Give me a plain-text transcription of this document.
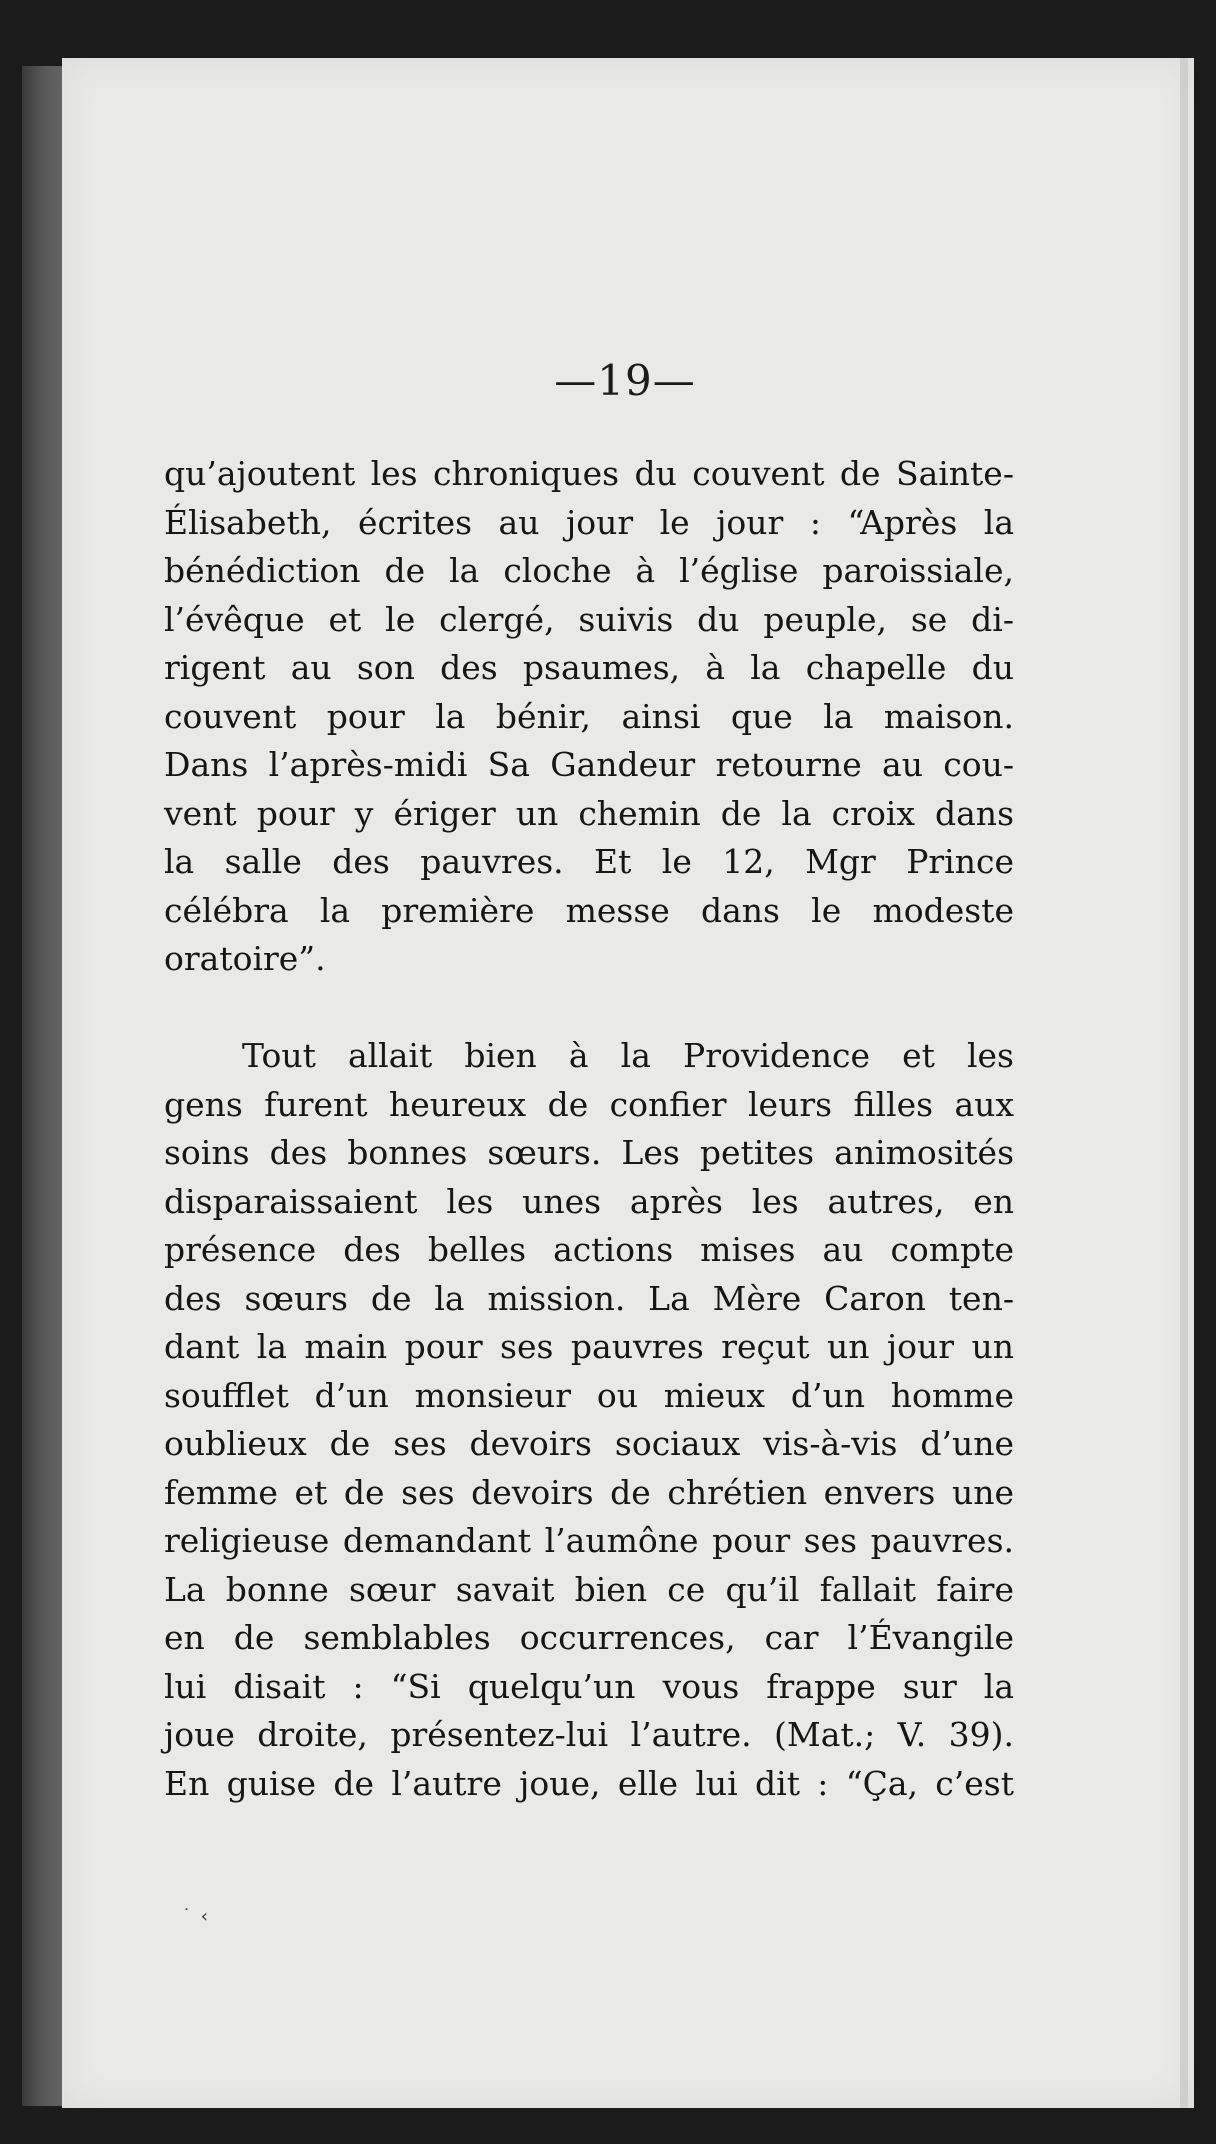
—19—
qu’ajoutent les chroniques du couvent de Sainte-
Élisabeth, écrites au jour le jour : “Après la
bénédiction de la cloche à l’église paroissiale,
l’évêque et le clergé, suivis du peuple, se di-
rigent au son des psaumes, à la chapelle du
couvent pour la bénir, ainsi que la maison.
Dans l’après-midi Sa Gandeur retourne au cou-
vent pour y ériger un chemin de la croix dans
la salle des pauvres. Et le 12, Mgr Prince
célébra la première messe dans le modeste
oratoire”.
Tout allait bien à la Providence et les
gens furent heureux de confier leurs filles aux
soins des bonnes sœurs. Les petites animosités
disparaissaient les unes après les autres, en
présence des belles actions mises au compte
des sœurs de la mission. La Mère Caron ten-
dant la main pour ses pauvres reçut un jour un
soufflet d’un monsieur ou mieux d’un homme
oublieux de ses devoirs sociaux vis-à-vis d’une
femme et de ses devoirs de chrétien envers une
religieuse demandant l’aumône pour ses pauvres.
La bonne sœur savait bien ce qu’il fallait faire
en de semblables occurrences, car l’Évangile
lui disait : “Si quelqu’un vous frappe sur la
joue droite, présentez-lui l’autre. (Mat.; V. 39).
En guise de l’autre joue, elle lui dit : “Ça, c’est
˙ ‹
